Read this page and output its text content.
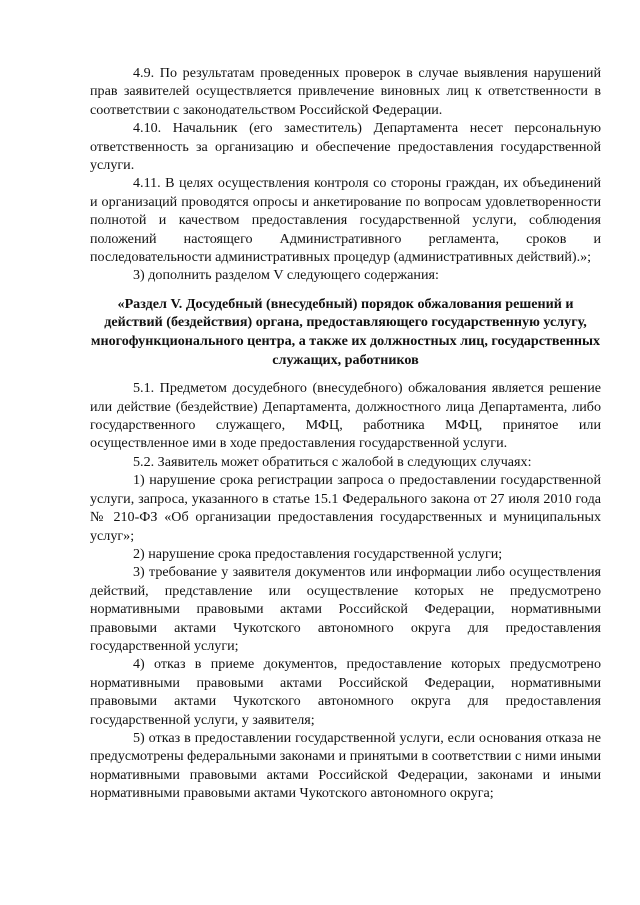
4.9. По результатам проведенных проверок в случае выявления нарушений прав заявителей осуществляется привлечение виновных лиц к ответственности в соответствии с законодательством Российской Федерации.

4.10. Начальник (его заместитель) Департамента несет персональную ответственность за организацию и обеспечение предоставления государственной услуги.

4.11. В целях осуществления контроля со стороны граждан, их объединений и организаций проводятся опросы и анкетирование по вопросам удовлетворенности полнотой и качеством предоставления государственной услуги, соблюдения положений настоящего Административного регламента, сроков и последовательности административных процедур (административных действий).»;

3) дополнить разделом V следующего содержания:

«Раздел V. Досудебный (внесудебный) порядок обжалования решений и действий (бездействия) органа, предоставляющего государственную услугу, многофункционального центра, а также их должностных лиц, государственных служащих, работников

5.1. Предметом досудебного (внесудебного) обжалования является решение или действие (бездействие) Департамента, должностного лица Департамента, либо государственного служащего, МФЦ, работника МФЦ, принятое или осуществленное ими в ходе предоставления государственной услуги.

5.2. Заявитель может обратиться с жалобой в следующих случаях:

1) нарушение срока регистрации запроса о предоставлении государственной услуги, запроса, указанного в статье 15.1 Федерального закона от 27 июля 2010 года № 210-ФЗ «Об организации предоставления государственных и муниципальных услуг»;

2) нарушение срока предоставления государственной услуги;

3) требование у заявителя документов или информации либо осуществления действий, представление или осуществление которых не предусмотрено нормативными правовыми актами Российской Федерации, нормативными правовыми актами Чукотского автономного округа для предоставления государственной услуги;

4) отказ в приеме документов, предоставление которых предусмотрено нормативными правовыми актами Российской Федерации, нормативными правовыми актами Чукотского автономного округа для предоставления государственной услуги, у заявителя;

5) отказ в предоставлении государственной услуги, если основания отказа не предусмотрены федеральными законами и принятыми в соответствии с ними иными нормативными правовыми актами Российской Федерации, законами и иными нормативными правовыми актами Чукотского автономного округа;
